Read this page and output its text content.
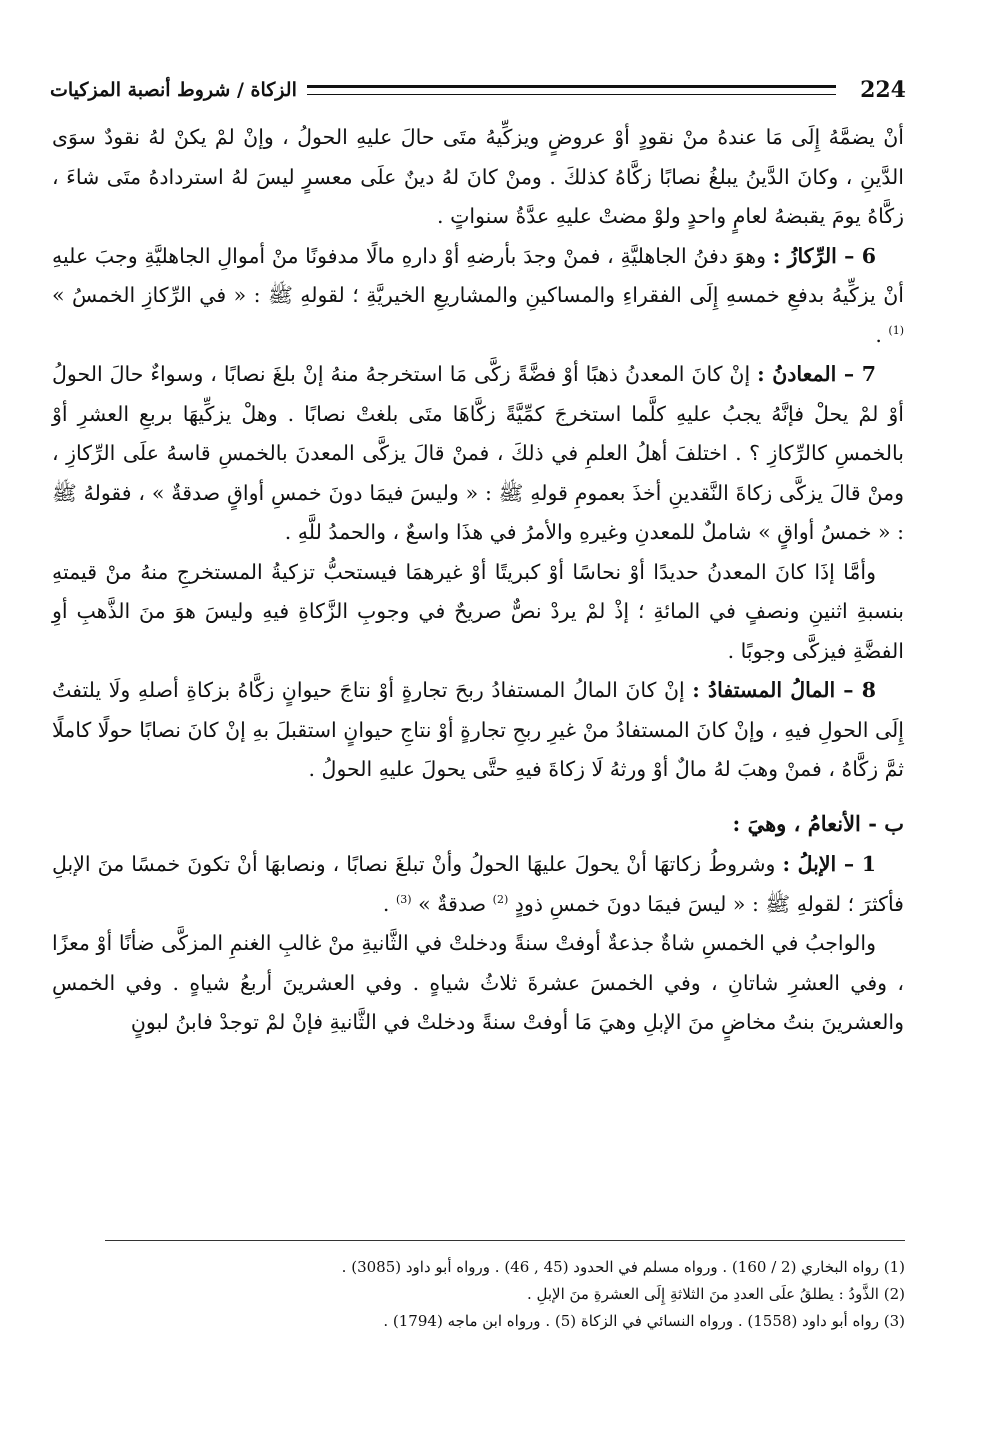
224
الزكاة / شروط أنصبة المزكيات

أنْ يضمَّهُ إِلَى مَا عندهُ منْ نقودٍ أوْ عروضٍ ويزكِّيهُ متَى حالَ عليهِ الحولُ ، وإنْ لمْ يكنْ لهُ نقودٌ سوَى الدَّينِ ، وكانَ الدَّينُ يبلغُ نصابًا زكَّاهُ كذلكَ . ومنْ كانَ لهُ دينٌ علَى معسرٍ ليسَ لهُ استردادهُ متَى شاءَ ، زكَّاهُ يومَ يقبضهُ لعامٍ واحدٍ ولوْ مضتْ عليهِ عدَّةُ سنواتٍ .

6 – الرِّكازُ : وهوَ دفنُ الجاهليَّةِ ، فمنْ وجدَ بأرضهِ أوْ دارهِ مالًا مدفونًا منْ أموالِ الجاهليَّةِ وجبَ عليهِ أنْ يزكِّيهُ بدفعِ خمسهِ إِلَى الفقراءِ والمساكينِ والمشاريعِ الخيريَّةِ ؛ لقولهِ ﷺ : « في الرِّكازِ الخمسُ » $^{(1)}$ .

7 – المعادنُ : إنْ كانَ المعدنُ ذهبًا أوْ فضَّةً زكَّى مَا استخرجهُ منهُ إنْ بلغَ نصابًا ، وسواءٌ حالَ الحولُ أوْ لمْ يحلْ فإنَّهُ يجبُ عليهِ كلَّما استخرجَ كمِّيَّةً زكَّاهَا متَى بلغتْ نصابًا . وهلْ يزكِّيهَا بربعِ العشرِ أوْ بالخمسِ كالرِّكازِ ؟ . اختلفَ أهلُ العلمِ في ذلكَ ، فمنْ قالَ يزكَّى المعدنَ بالخمسِ قاسهُ علَى الرِّكازِ ، ومنْ قالَ يزكَّى زكاةَ النَّقدينِ أخذَ بعمومِ قولهِ ﷺ : « وليسَ فيمَا دونَ خمسِ أواقٍ صدقةٌ » ، فقولهُ ﷺ : « خمسُ أواقٍ » شاملٌ للمعدنِ وغيرهِ والأمرُ في هذَا واسعٌ ، والحمدُ للَّهِ .

وأمَّا إذَا كانَ المعدنُ حديدًا أوْ نحاسًا أوْ كبريتًا أوْ غيرهمَا فيستحبُّ تزكيةُ المستخرجِ منهُ منْ قيمتهِ بنسبةِ اثنينِ ونصفٍ في المائةِ ؛ إذْ لمْ يردْ نصٌّ صريحٌ في وجوبِ الزَّكاةِ فيهِ وليسَ هوَ منَ الذَّهبِ أوِ الفضَّةِ فيزكَّى وجوبًا .

8 – المالُ المستفادُ : إنْ كانَ المالُ المستفادُ ربحَ تجارةٍ أوْ نتاجَ حيوانٍ زكَّاهُ بزكاةِ أصلهِ ولَا يلتفتُ إِلَى الحولِ فيهِ ، وإنْ كانَ المستفادُ منْ غيرِ ربحِ تجارةٍ أوْ نتاجِ حيوانٍ استقبلَ بهِ إنْ كانَ نصابًا حولًا كاملًا ثمَّ زكَّاهُ ، فمنْ وهبَ لهُ مالٌ أوْ ورثهُ لَا زكاةَ فيهِ حتَّى يحولَ عليهِ الحولُ .

ب - الأنعامُ ، وهيَ :

1 – الإبلُ : وشروطُ زكاتهَا أنْ يحولَ عليهَا الحولُ وأنْ تبلغَ نصابًا ، ونصابهَا أنْ تكونَ خمسًا منَ الإبلِ فأكثرَ ؛ لقولهِ ﷺ : « ليسَ فيمَا دونَ خمسِ ذودٍ $^{(2)}$ صدقةٌ » $^{(3)}$ .

والواجبُ في الخمسِ شاةٌ جذعةٌ أوفتْ سنةً ودخلتْ في الثَّانيةِ منْ غالبِ الغنمِ المزكَّى ضأنًا أوْ معزًا ، وفي العشرِ شاتانِ ، وفي الخمسَ عشرةَ ثلاثُ شياهٍ . وفي العشرينَ أربعُ شياهٍ . وفي الخمسِ والعشرينَ بنتُ مخاضٍ منَ الإبلِ وهيَ مَا أوفتْ سنةً ودخلتْ في الثَّانيةِ فإنْ لمْ توجدْ فابنُ لبونٍ

(1) رواه البخاري (2 / 160) . ورواه مسلم في الحدود (45 , 46) . ورواه أبو داود (3085) .
(2) الذَّودُ : يطلقُ علَى العددِ منَ الثلاثةِ إِلَى العشرةِ منَ الإبلِ .
(3) رواه أبو داود (1558) . ورواه النسائي في الزكاة (5) . ورواه ابن ماجه (1794) .
